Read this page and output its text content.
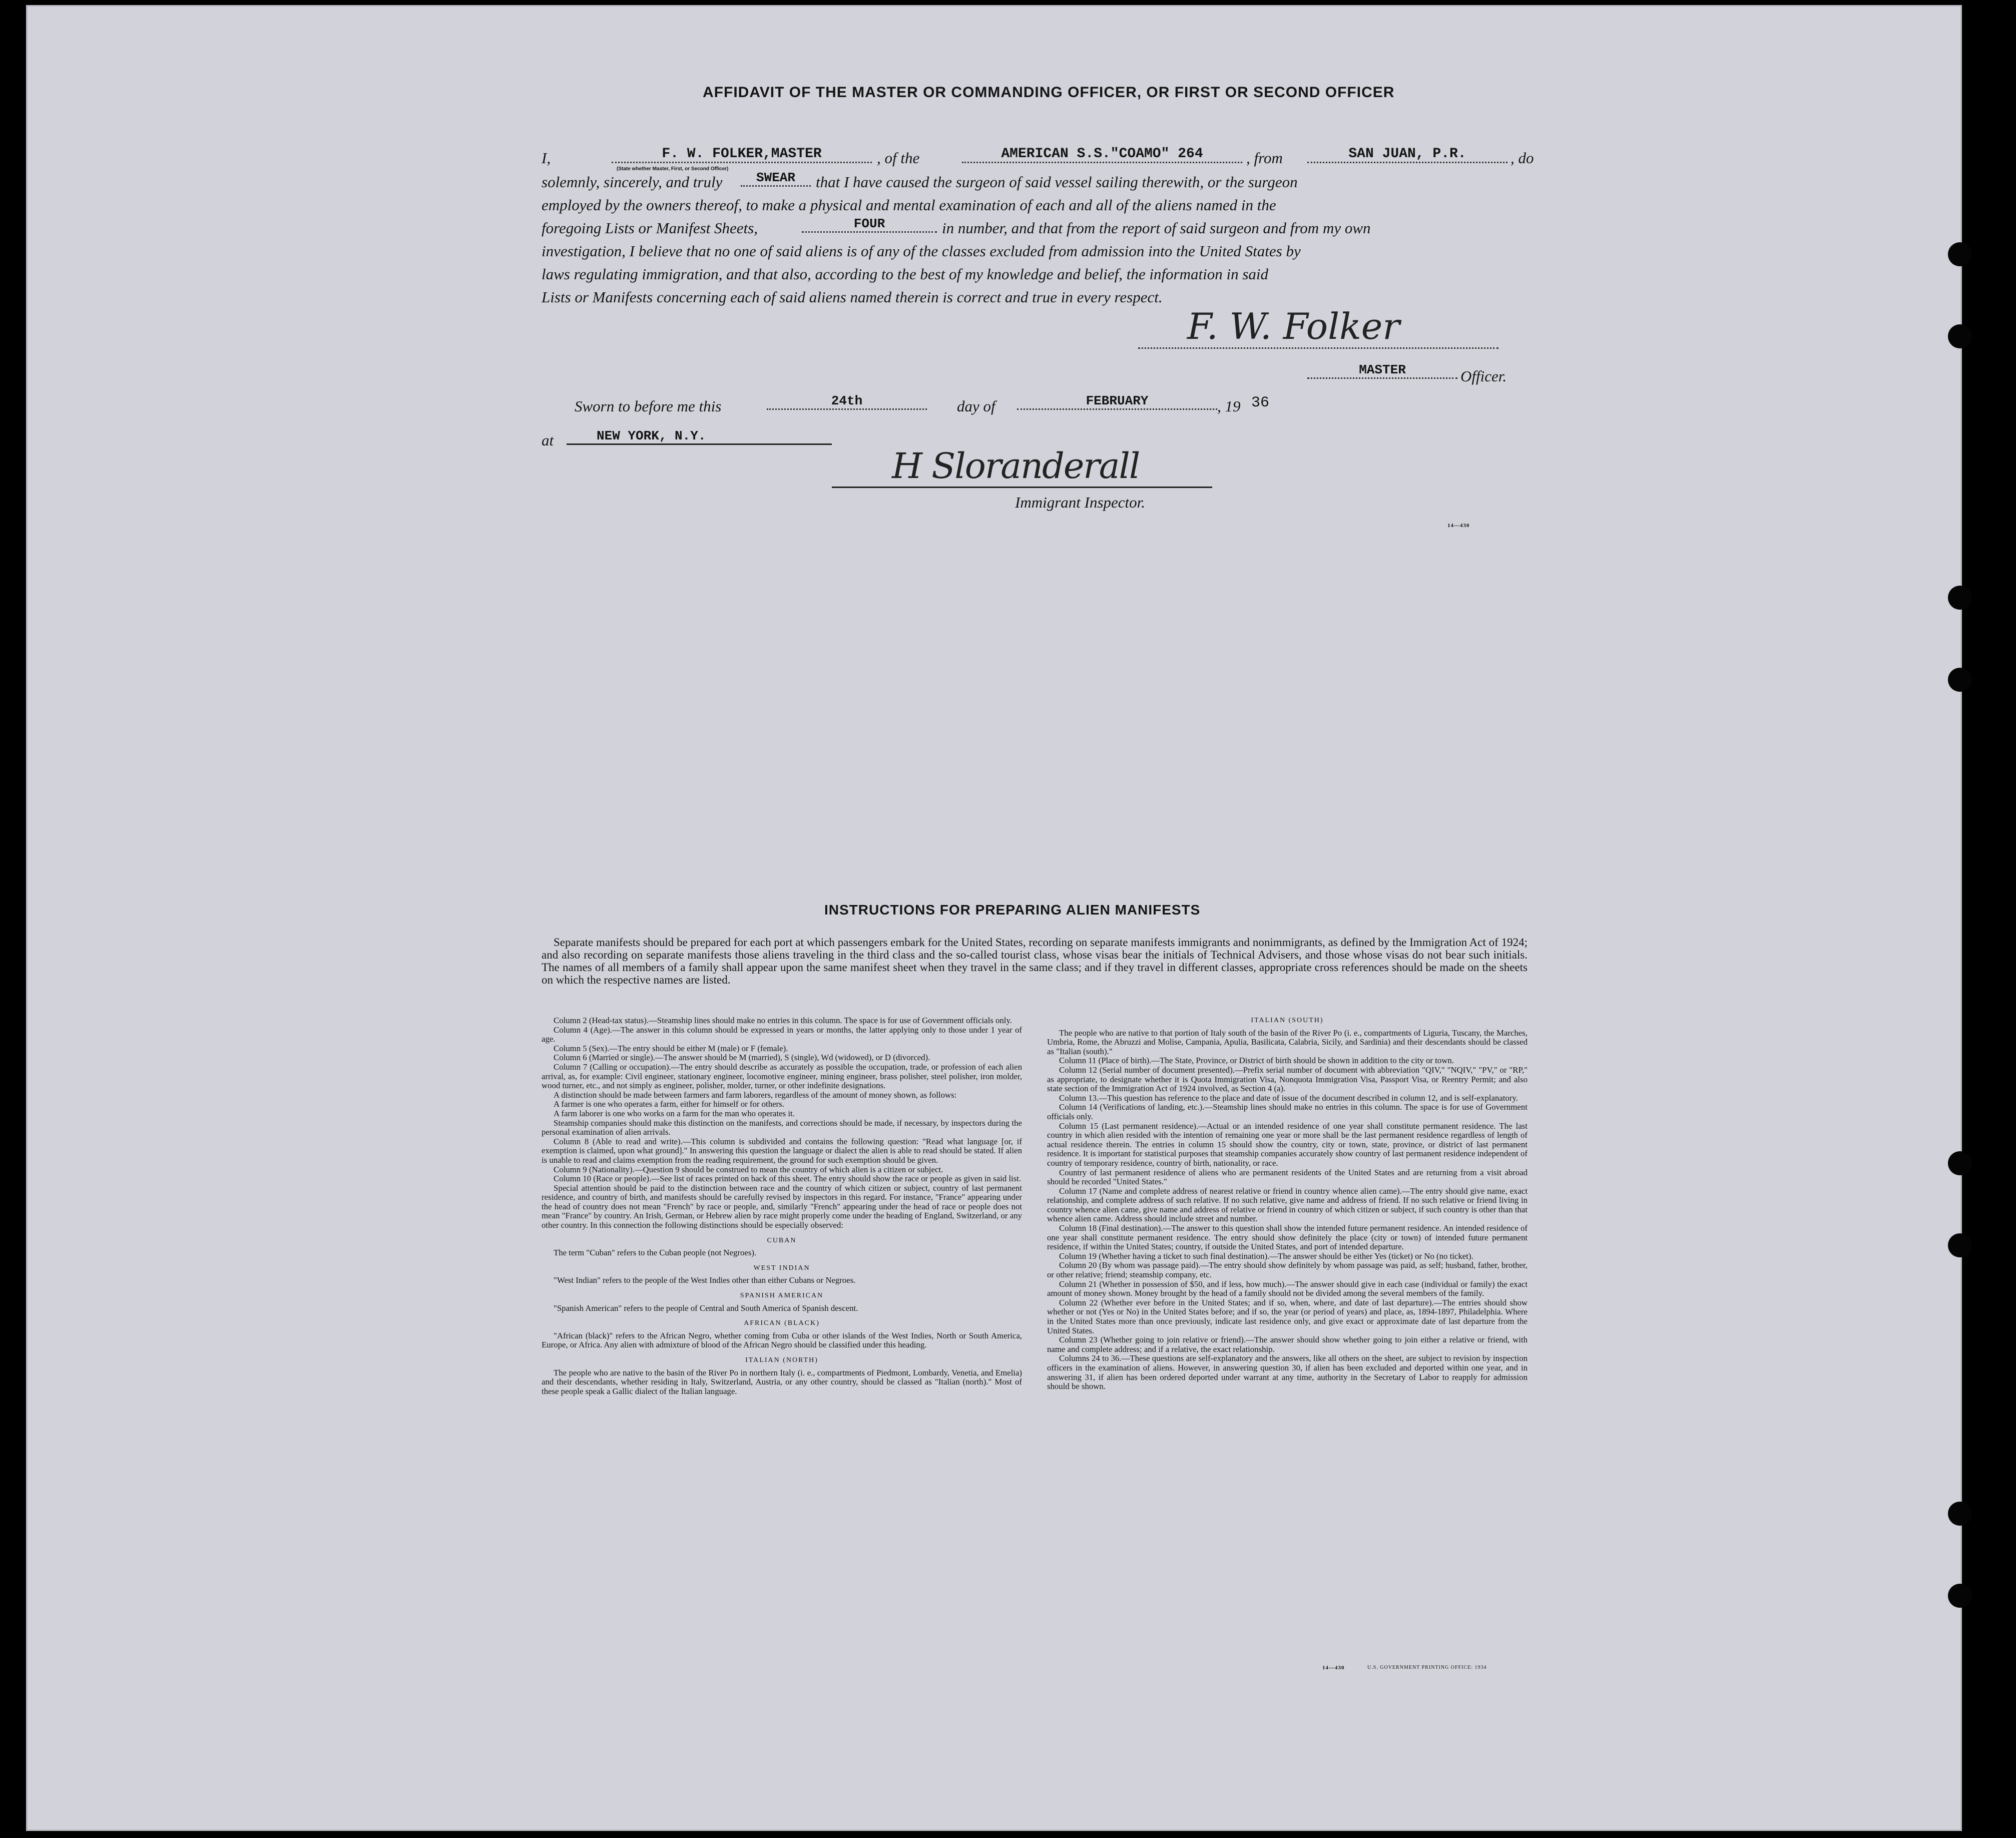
AFFIDAVIT OF THE MASTER OR COMMANDING OFFICER, OR FIRST OR SECOND OFFICER
I,	F. W. FOLKER,MASTER
(State whether Master, First, or Second Officer)
, of the	AMERICAN S.S."COAMO" 264	, from	SAN JUAN, P.R.	, do
solemnly, sincerely, and truly	SWEAR	that I have caused the surgeon of said vessel sailing therewith, or the surgeon
employed by the owners thereof, to make a physical and mental examination of each and all of the aliens named in the
foregoing Lists or Manifest Sheets,	FOUR	in number, and that from the report of said surgeon and from my own
investigation, I believe that no one of said aliens is of any of the classes excluded from admission into the United States by
laws regulating immigration, and that also, according to the best of my knowledge and belief, the information in said
Lists or Manifests concerning each of said aliens named therein is correct and true in every respect.
F. W. Folker
MASTER	Officer.
Sworn to before me this	24th	day of	FEBRUARY	, 19 36
at	NEW YORK, N.Y.
H Sloranderall
Immigrant Inspector.
14—430
INSTRUCTIONS FOR PREPARING ALIEN MANIFESTS

Separate manifests should be prepared for each port at which passengers embark for the United States, recording on separate manifests immigrants and nonimmigrants, as defined by the Immigration Act of 1924; and also recording on separate manifests those aliens traveling in the third class and the so-called tourist class, whose visas bear the initials of Technical Advisers, and those whose visas do not bear such initials. The names of all members of a family shall appear upon the same manifest sheet when they travel in the same class; and if they travel in different classes, appropriate cross references should be made on the sheets on which the respective names are listed.

Column 2 (Head-tax status).—Steamship lines should make no entries in this column. The space is for use of Government officials only.

Column 4 (Age).—The answer in this column should be expressed in years or months, the latter applying only to those under 1 year of age.

Column 5 (Sex).—The entry should be either M (male) or F (female).

Column 6 (Married or single).—The answer should be M (married), S (single), Wd (widowed), or D (divorced).

Column 7 (Calling or occupation).—The entry should describe as accurately as possible the occupation, trade, or profession of each alien arrival, as, for example: Civil engineer, stationary engineer, locomotive engineer, mining engineer, brass polisher, steel polisher, iron molder, wood turner, etc., and not simply as engineer, polisher, molder, turner, or other indefinite designations.

A distinction should be made between farmers and farm laborers, regardless of the amount of money shown, as follows:

A farmer is one who operates a farm, either for himself or for others.

A farm laborer is one who works on a farm for the man who operates it.

Steamship companies should make this distinction on the manifests, and corrections should be made, if necessary, by inspectors during the personal examination of alien arrivals.

Column 8 (Able to read and write).—This column is subdivided and contains the following question: "Read what language [or, if exemption is claimed, upon what ground]." In answering this question the language or dialect the alien is able to read should be stated. If alien is unable to read and claims exemption from the reading requirement, the ground for such exemption should be given.

Column 9 (Nationality).—Question 9 should be construed to mean the country of which alien is a citizen or subject.

Column 10 (Race or people).—See list of races printed on back of this sheet. The entry should show the race or people as given in said list.

Special attention should be paid to the distinction between race and the country of which citizen or subject, country of last permanent residence, and country of birth, and manifests should be carefully revised by inspectors in this regard. For instance, "France" appearing under the head of country does not mean "French" by race or people, and, similarly "French" appearing under the head of race or people does not mean "France" by country. An Irish, German, or Hebrew alien by race might properly come under the heading of England, Switzerland, or any other country. In this connection the following distinctions should be especially observed:

CUBAN

The term "Cuban" refers to the Cuban people (not Negroes).

WEST INDIAN

"West Indian" refers to the people of the West Indies other than either Cubans or Negroes.

SPANISH AMERICAN

"Spanish American" refers to the people of Central and South America of Spanish descent.

AFRICAN (BLACK)

"African (black)" refers to the African Negro, whether coming from Cuba or other islands of the West Indies, North or South America, Europe, or Africa. Any alien with admixture of blood of the African Negro should be classified under this heading.

ITALIAN (NORTH)

The people who are native to the basin of the River Po in northern Italy (i. e., compartments of Piedmont, Lombardy, Venetia, and Emelia) and their descendants, whether residing in Italy, Switzerland, Austria, or any other country, should be classed as "Italian (north)." Most of these people speak a Gallic dialect of the Italian language.

ITALIAN (SOUTH)

The people who are native to that portion of Italy south of the basin of the River Po (i. e., compartments of Liguria, Tuscany, the Marches, Umbria, Rome, the Abruzzi and Molise, Campania, Apulia, Basilicata, Calabria, Sicily, and Sardinia) and their descendants should be classed as "Italian (south)."

Column 11 (Place of birth).—The State, Province, or District of birth should be shown in addition to the city or town.

Column 12 (Serial number of document presented).—Prefix serial number of document with abbreviation "QIV," "NQIV," "PV," or "RP," as appropriate, to designate whether it is Quota Immigration Visa, Nonquota Immigration Visa, Passport Visa, or Reentry Permit; and also state section of the Immigration Act of 1924 involved, as Section 4 (a).

Column 13.—This question has reference to the place and date of issue of the document described in column 12, and is self-explanatory.

Column 14 (Verifications of landing, etc.).—Steamship lines should make no entries in this column. The space is for use of Government officials only.

Column 15 (Last permanent residence).—Actual or an intended residence of one year shall constitute permanent residence. The last country in which alien resided with the intention of remaining one year or more shall be the last permanent residence regardless of length of actual residence therein. The entries in column 15 should show the country, city or town, state, province, or district of last permanent residence. It is important for statistical purposes that steamship companies accurately show country of last permanent residence independent of country of temporary residence, country of birth, nationality, or race.

Country of last permanent residence of aliens who are permanent residents of the United States and are returning from a visit abroad should be recorded "United States."

Column 17 (Name and complete address of nearest relative or friend in country whence alien came).—The entry should give name, exact relationship, and complete address of such relative. If no such relative, give name and address of friend. If no such relative or friend living in country whence alien came, give name and address of relative or friend in country of which citizen or subject, if such country is other than that whence alien came. Address should include street and number.

Column 18 (Final destination).—The answer to this question shall show the intended future permanent residence. An intended residence of one year shall constitute permanent residence. The entry should show definitely the place (city or town) of intended future permanent residence, if within the United States; country, if outside the United States, and port of intended departure.

Column 19 (Whether having a ticket to such final destination).—The answer should be either Yes (ticket) or No (no ticket).

Column 20 (By whom was passage paid).—The entry should show definitely by whom passage was paid, as self; husband, father, brother, or other relative; friend; steamship company, etc.

Column 21 (Whether in possession of $50, and if less, how much).—The answer should give in each case (individual or family) the exact amount of money shown. Money brought by the head of a family should not be divided among the several members of the family.

Column 22 (Whether ever before in the United States; and if so, when, where, and date of last departure).—The entries should show whether or not (Yes or No) in the United States before; and if so, the year (or period of years) and place, as, 1894-1897, Philadelphia. Where in the United States more than once previously, indicate last residence only, and give exact or approximate date of last departure from the United States.

Column 23 (Whether going to join relative or friend).—The answer should show whether going to join either a relative or friend, with name and complete address; and if a relative, the exact relationship.

Columns 24 to 36.—These questions are self-explanatory and the answers, like all others on the sheet, are subject to revision by inspection officers in the examination of aliens. However, in answering question 30, if alien has been excluded and deported within one year, and in answering 31, if alien has been ordered deported under warrant at any time, authority in the Secretary of Labor to reapply for admission should be shown.

14—430	U.S. GOVERNMENT PRINTING OFFICE: 1934
